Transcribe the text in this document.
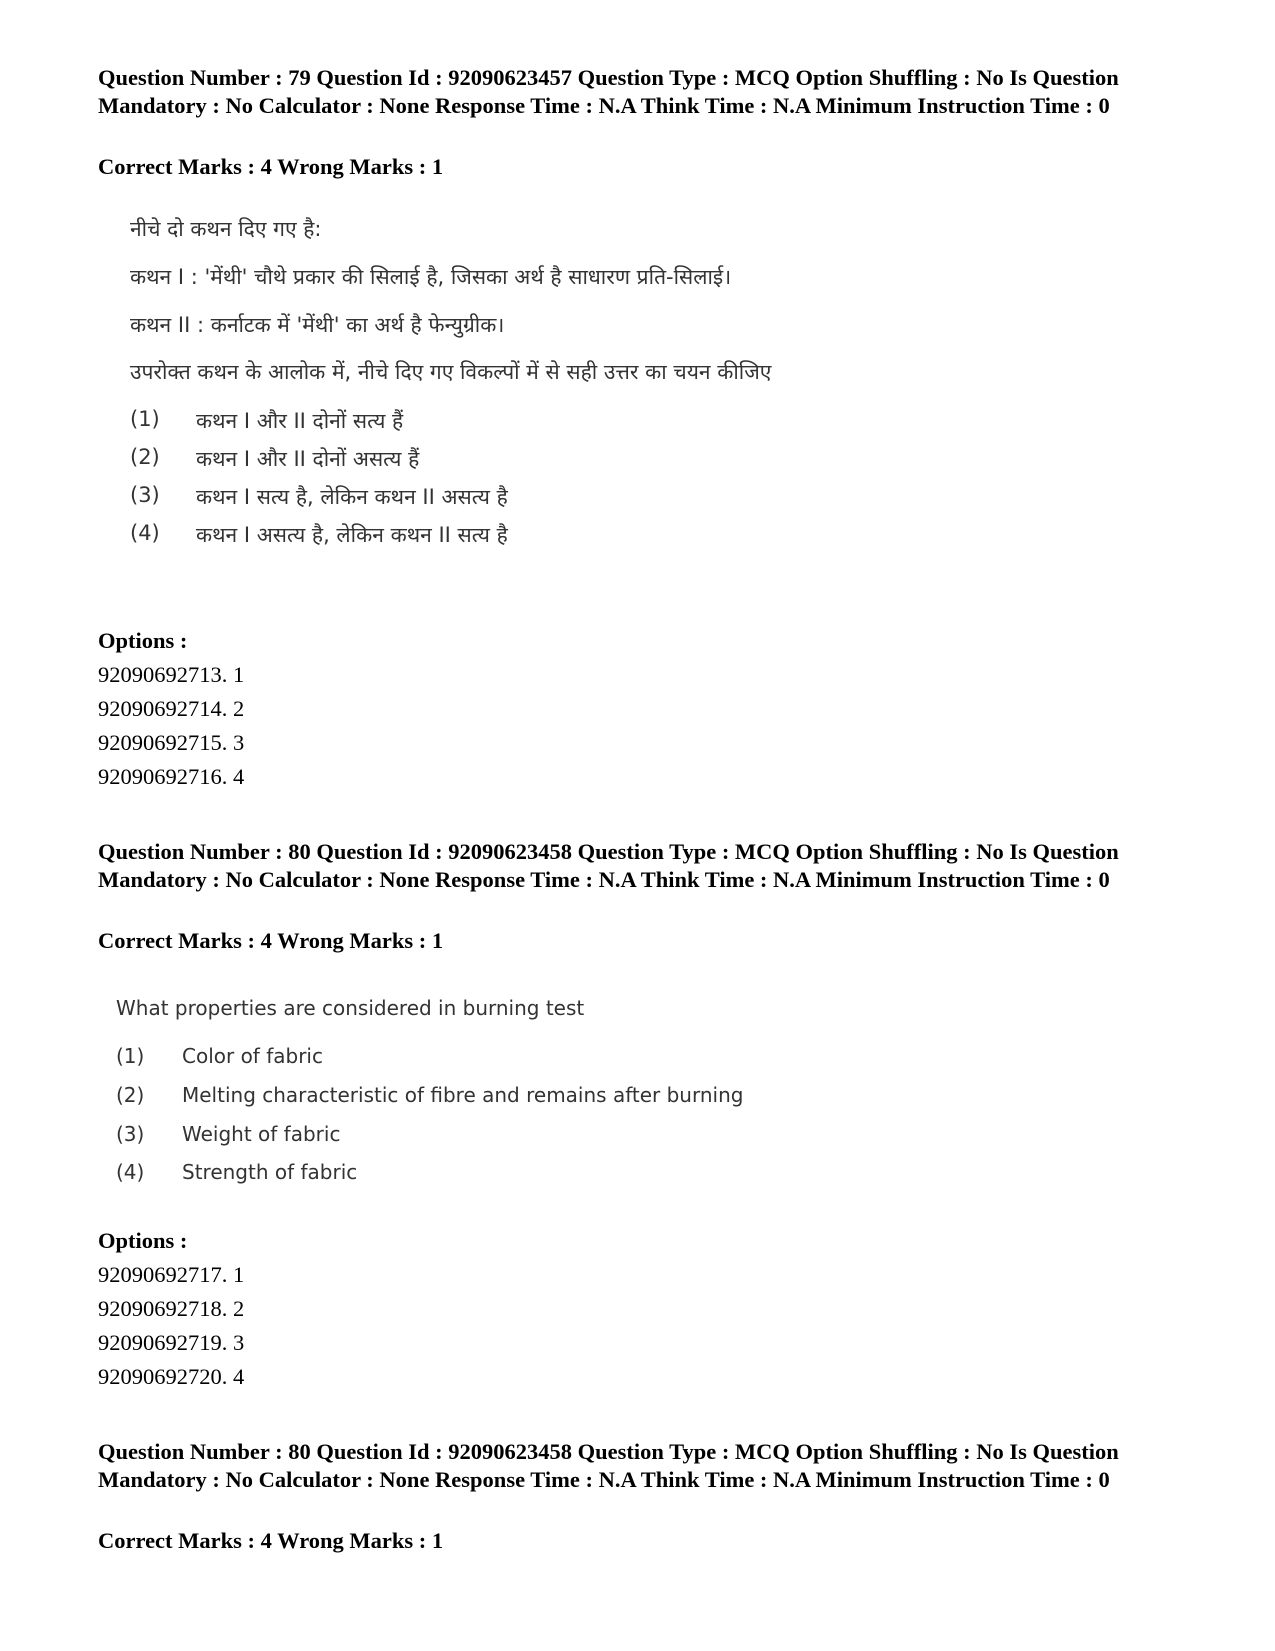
Question Number : 79 Question Id : 92090623457 Question Type : MCQ Option Shuffling : No Is Question Mandatory : No Calculator : None Response Time : N.A Think Time : N.A Minimum Instruction Time : 0

Correct Marks : 4 Wrong Marks : 1

नीचे दो कथन दिए गए है:
कथन I : 'मेंथी' चौथे प्रकार की सिलाई है, जिसका अर्थ है साधारण प्रति-सिलाई।
कथन II : कर्नाटक में 'मेंथी' का अर्थ है फेन्युग्रीक।
उपरोक्त कथन के आलोक में, नीचे दिए गए विकल्पों में से सही उत्तर का चयन कीजिए
(1) कथन I और II दोनों सत्य हैं
(2) कथन I और II दोनों असत्य हैं
(3) कथन I सत्य है, लेकिन कथन II असत्य है
(4) कथन I असत्य है, लेकिन कथन II सत्य है

Options :

92090692713. 1

92090692714. 2

92090692715. 3

92090692716. 4

Question Number : 80 Question Id : 92090623458 Question Type : MCQ Option Shuffling : No Is Question Mandatory : No Calculator : None Response Time : N.A Think Time : N.A Minimum Instruction Time : 0

Correct Marks : 4 Wrong Marks : 1

What properties are considered in burning test
(1) Color of fabric
(2) Melting characteristic of fibre and remains after burning
(3) Weight of fabric
(4) Strength of fabric

Options :

92090692717. 1

92090692718. 2

92090692719. 3

92090692720. 4

Question Number : 80 Question Id : 92090623458 Question Type : MCQ Option Shuffling : No Is Question Mandatory : No Calculator : None Response Time : N.A Think Time : N.A Minimum Instruction Time : 0

Correct Marks : 4 Wrong Marks : 1
